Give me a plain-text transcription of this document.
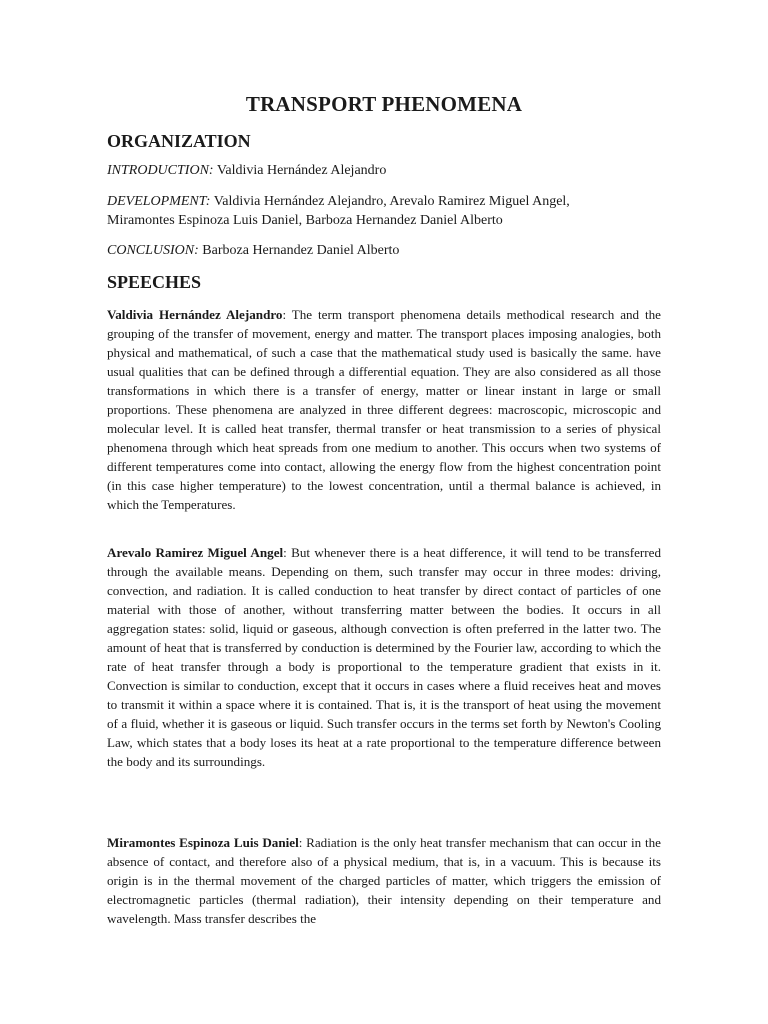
TRANSPORT PHENOMENA
ORGANIZATION

INTRODUCTION: Valdivia Hernández Alejandro

DEVELOPMENT: Valdivia Hernández Alejandro, Arevalo Ramirez Miguel Angel,

Miramontes Espinoza Luis Daniel, Barboza Hernandez Daniel Alberto

CONCLUSION: Barboza Hernandez Daniel Alberto

SPEECHES

Valdivia Hernández Alejandro: The term transport phenomena details methodical research and the grouping of the transfer of movement, energy and matter. The transport places imposing analogies, both physical and mathematical, of such a case that the mathematical study used is basically the same. have usual qualities that can be defined through a differential equation. They are also considered as all those transformations in which there is a transfer of energy, matter or linear instant in large or small proportions. These phenomena are analyzed in three different degrees: macroscopic, microscopic and molecular level. It is called heat transfer, thermal transfer or heat transmission to a series of physical phenomena through which heat spreads from one medium to another. This occurs when two systems of different temperatures come into contact, allowing the energy flow from the highest concentration point (in this case higher temperature) to the lowest concentration, until a thermal balance is achieved, in which the Temperatures.

Arevalo Ramirez Miguel Angel: But whenever there is a heat difference, it will tend to be transferred through the available means. Depending on them, such transfer may occur in three modes: driving, convection, and radiation. It is called conduction to heat transfer by direct contact of particles of one material with those of another, without transferring matter between the bodies. It occurs in all aggregation states: solid, liquid or gaseous, although convection is often preferred in the latter two. The amount of heat that is transferred by conduction is determined by the Fourier law, according to which the rate of heat transfer through a body is proportional to the temperature gradient that exists in it. Convection is similar to conduction, except that it occurs in cases where a fluid receives heat and moves to transmit it within a space where it is contained. That is, it is the transport of heat using the movement of a fluid, whether it is gaseous or liquid. Such transfer occurs in the terms set forth by Newton's Cooling Law, which states that a body loses its heat at a rate proportional to the temperature difference between the body and its surroundings.

Miramontes Espinoza Luis Daniel: Radiation is the only heat transfer mechanism that can occur in the absence of contact, and therefore also of a physical medium, that is, in a vacuum. This is because its origin is in the thermal movement of the charged particles of matter, which triggers the emission of electromagnetic particles (thermal radiation), their intensity depending on their temperature and wavelength. Mass transfer describes the
